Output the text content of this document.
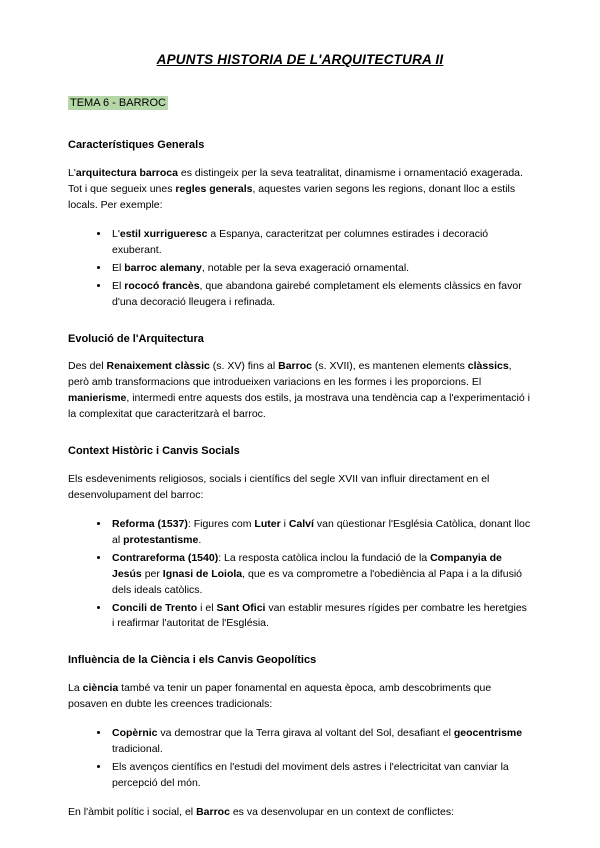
APUNTS HISTORIA DE L'ARQUITECTURA II
TEMA 6 - BARROC
Característiques Generals

L'arquitectura barroca es distingeix per la seva teatralitat, dinamisme i ornamentació exagerada. Tot i que segueix unes regles generals, aquestes varien segons les regions, donant lloc a estils locals. Per exemple:

• L'estil xurrigueresc a Espanya, caracteritzat per columnes estirades i decoració exuberant.
• El barroc alemany, notable per la seva exageració ornamental.
• El rococó francès, que abandona gairebé completament els elements clàssics en favor d'una decoració lleugera i refinada.
Evolució de l'Arquitectura

Des del Renaixement clàssic (s. XV) fins al Barroc (s. XVII), es mantenen elements clàssics, però amb transformacions que introdueixen variacions en les formes i les proporcions. El manierisme, intermedi entre aquests dos estils, ja mostrava una tendència cap a l'experimentació i la complexitat que caracteritzarà el barroc.

Context Històric i Canvis Socials

Els esdeveniments religiosos, socials i científics del segle XVII van influir directament en el desenvolupament del barroc:

• Reforma (1537): Figures com Luter i Calví van qüestionar l'Església Catòlica, donant lloc al protestantisme.
• Contrareforma (1540): La resposta catòlica inclou la fundació de la Companyia de Jesús per Ignasi de Loiola, que es va comprometre a l'obediència al Papa i a la difusió dels ideals catòlics.
• Concili de Trento i el Sant Ofici van establir mesures rígides per combatre les heretgies i reafirmar l'autoritat de l'Església.
Influència de la Ciència i els Canvis Geopolítics

La ciència també va tenir un paper fonamental en aquesta època, amb descobriments que posaven en dubte les creences tradicionals:

• Copèrnic va demostrar que la Terra girava al voltant del Sol, desafiant el geocentrisme tradicional.
• Els avenços científics en l'estudi del moviment dels astres i l'electricitat van canviar la percepció del món.

En l'àmbit polític i social, el Barroc es va desenvolupar en un context de conflictes:
